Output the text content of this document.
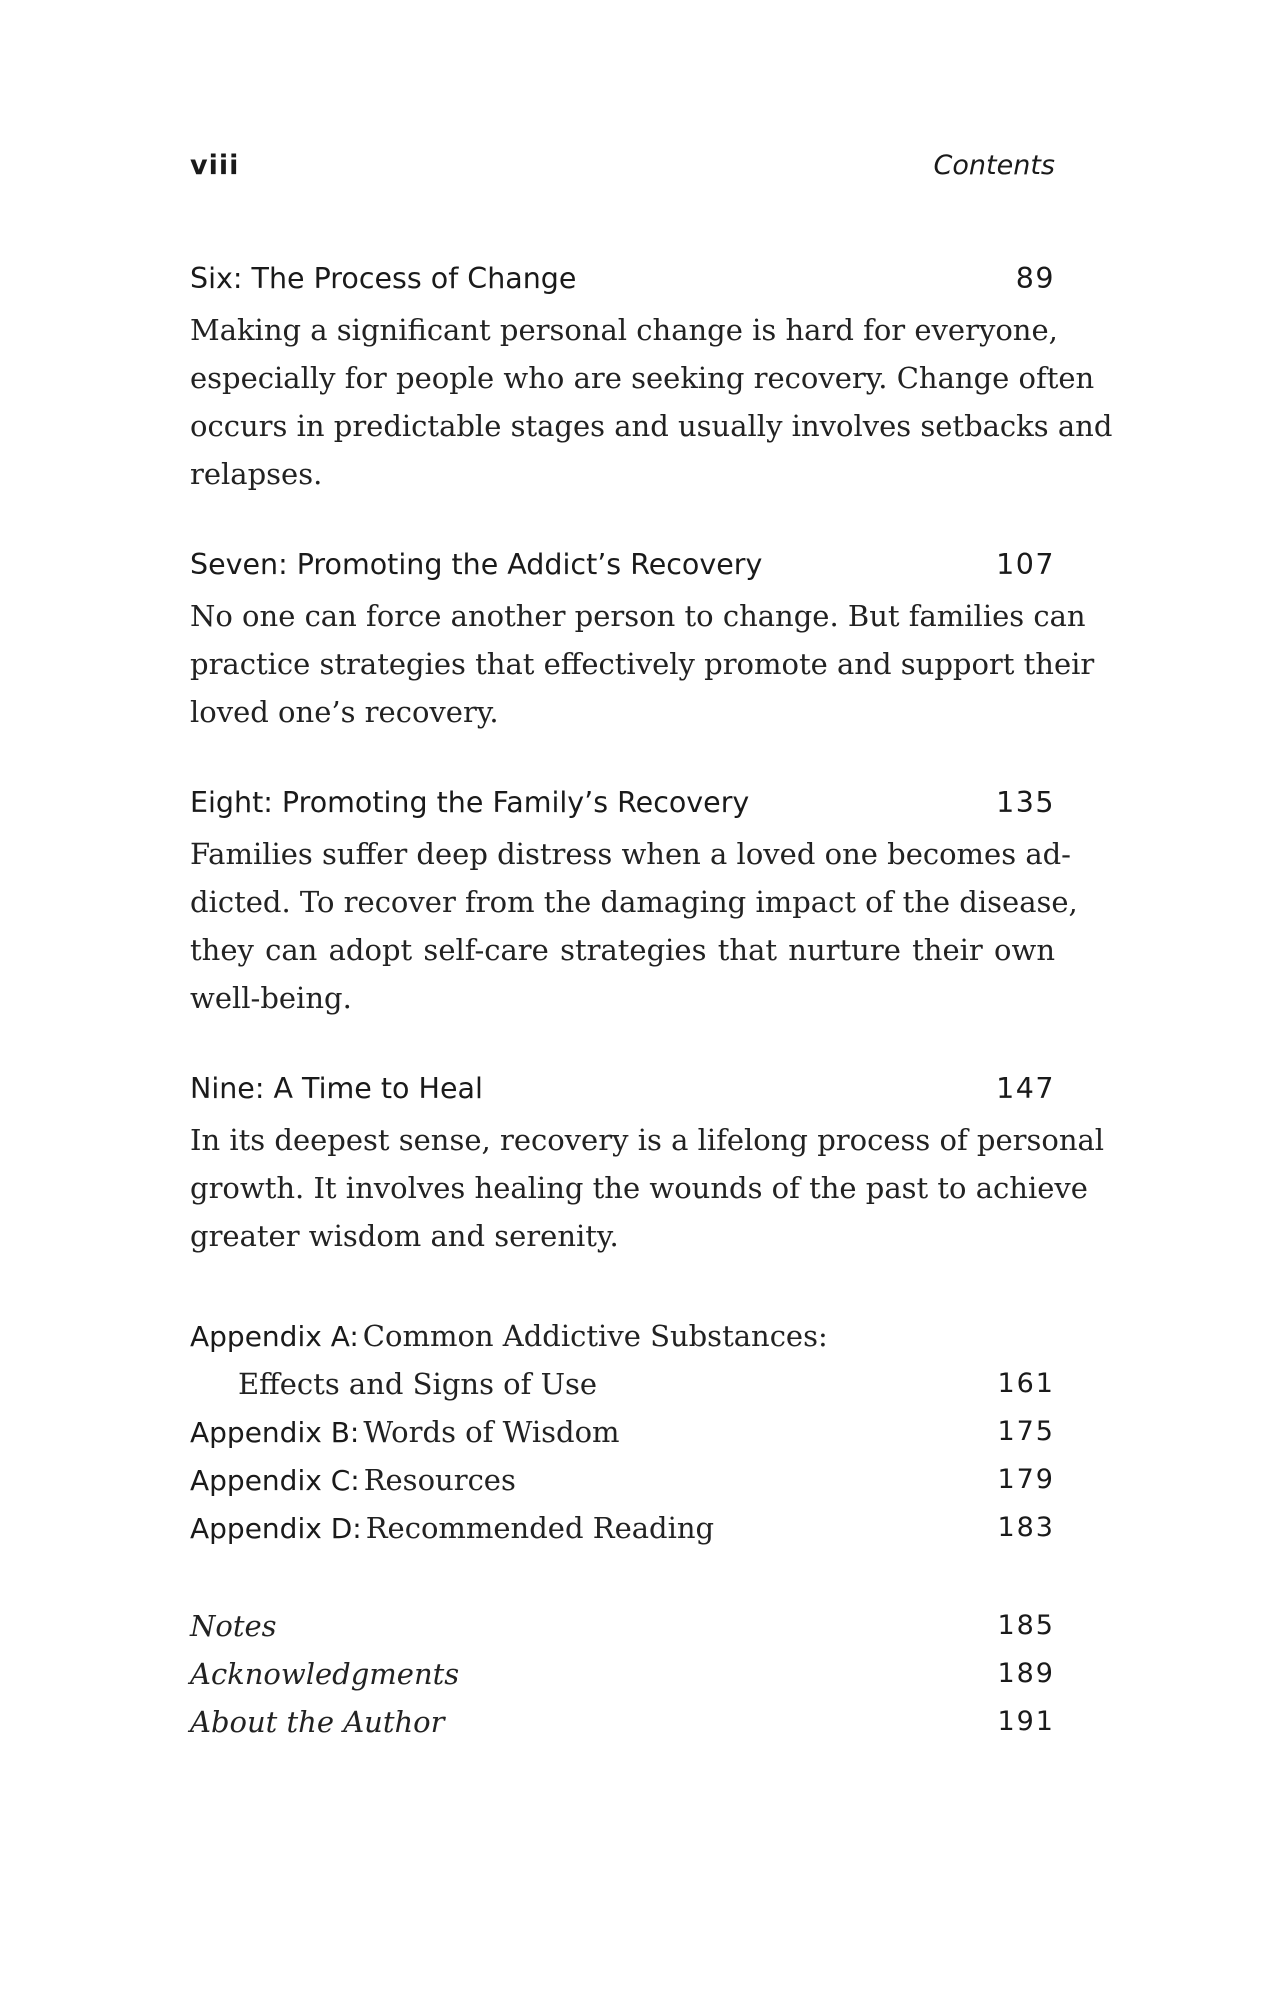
viii	Contents
Six: The Process of Change	89
Making a significant personal change is hard for everyone,
especially for people who are seeking recovery. Change often
occurs in predictable stages and usually involves setbacks and
relapses.
Seven: Promoting the Addict’s Recovery	107
No one can force another person to change. But families can
practice strategies that effectively promote and support their
loved one’s recovery.
Eight: Promoting the Family’s Recovery	135
Families suffer deep distress when a loved one becomes ad-
dicted. To recover from the damaging impact of the disease,
they can adopt self-care strategies that nurture their own
well-being.
Nine: A Time to Heal	147
In its deepest sense, recovery is a lifelong process of personal
growth. It involves healing the wounds of the past to achieve
greater wisdom and serenity.
Appendix A: Common Addictive Substances:
Effects and Signs of Use	161
Appendix B: Words of Wisdom	175
Appendix C: Resources	179
Appendix D: Recommended Reading	183
Notes	185
Acknowledgments	189
About the Author	191
